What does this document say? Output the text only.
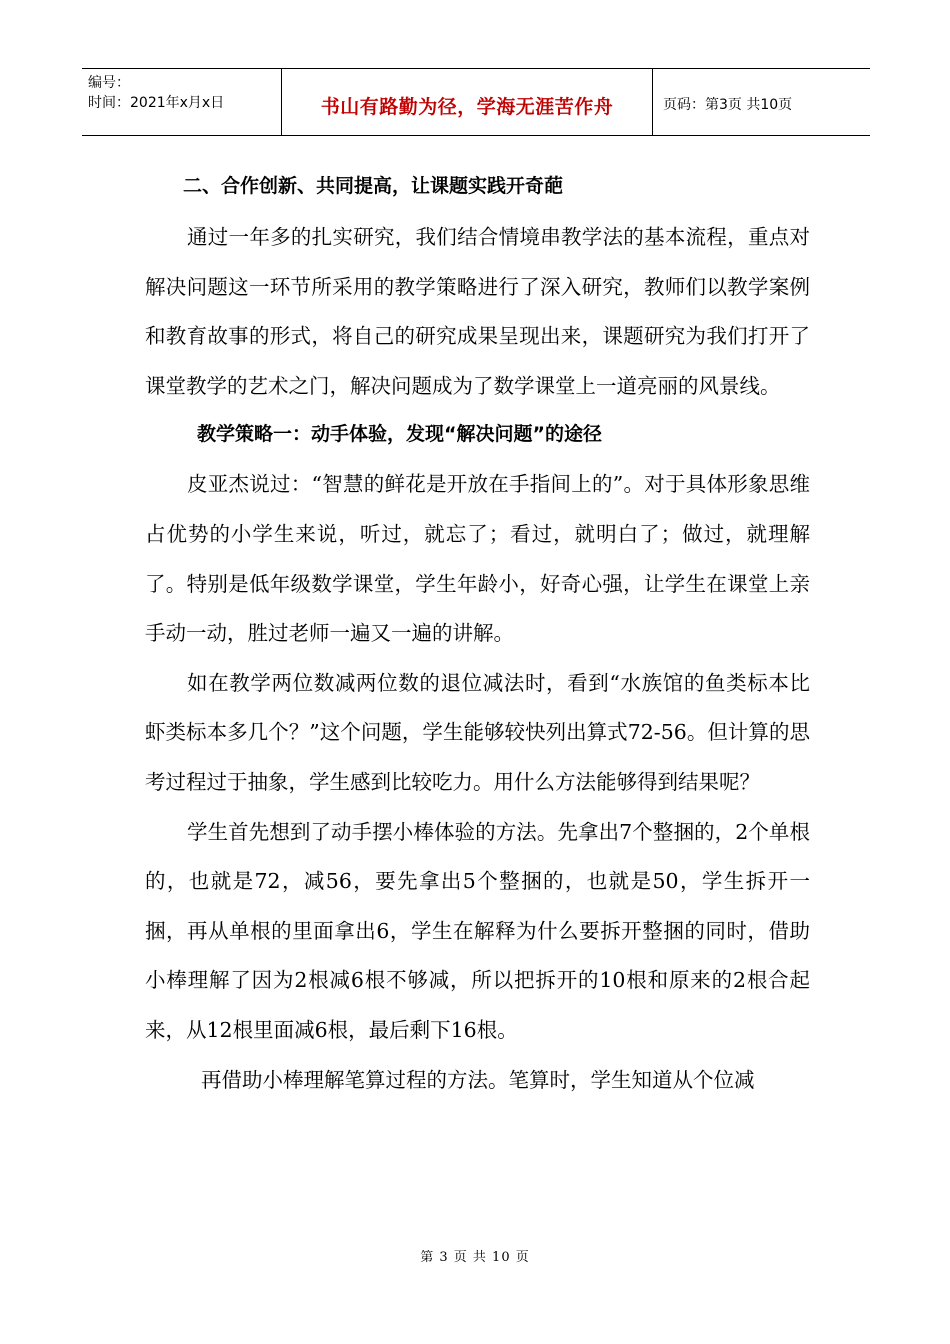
编号：
时间：2021年x月x日	书山有路勤为径，学海无涯苦作舟	页码：第3页 共10页
二、合作创新、共同提高，让课题实践开奇葩

通过一年多的扎实研究，我们结合情境串教学法的基本流程，重点对解决问题这一环节所采用的教学策略进行了深入研究，教师们以教学案例和教育故事的形式，将自己的研究成果呈现出来，课题研究为我们打开了课堂教学的艺术之门，解决问题成为了数学课堂上一道亮丽的风景线。

教学策略一：动手体验，发现“解决问题”的途径

皮亚杰说过：“智慧的鲜花是开放在手指间上的”。对于具体形象思维占优势的小学生来说，听过，就忘了；看过，就明白了；做过，就理解了。特别是低年级数学课堂，学生年龄小，好奇心强，让学生在课堂上亲手动一动，胜过老师一遍又一遍的讲解。

如在教学两位数减两位数的退位减法时，看到“水族馆的鱼类标本比虾类标本多几个？”这个问题，学生能够较快列出算式72-56。但计算的思考过程过于抽象，学生感到比较吃力。用什么方法能够得到结果呢？

学生首先想到了动手摆小棒体验的方法。先拿出7个整捆的，2个单根的，也就是72，减56，要先拿出5个整捆的，也就是50，学生拆开一捆，再从单根的里面拿出6，学生在解释为什么要拆开整捆的同时，借助小棒理解了因为2根减6根不够减，所以把拆开的10根和原来的2根合起来，从12根里面减6根，最后剩下16根。

再借助小棒理解笔算过程的方法。笔算时，学生知道从个位减

第 3 页 共 10 页
